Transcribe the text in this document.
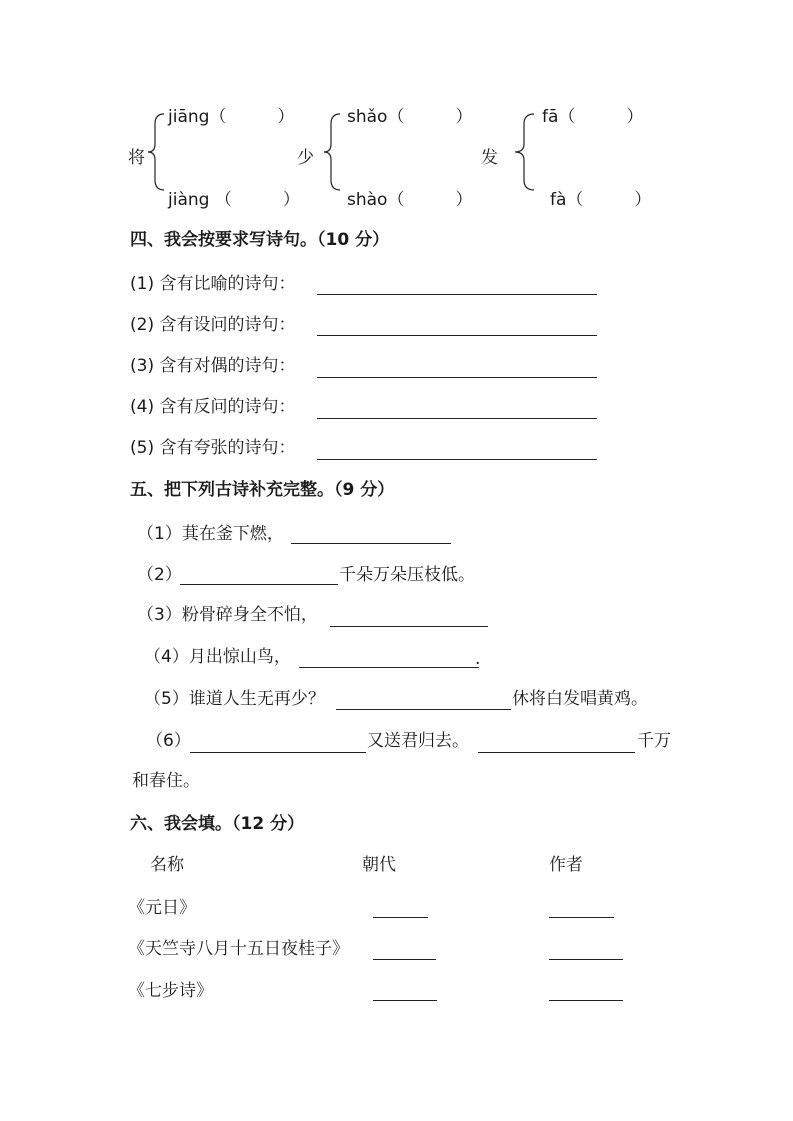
将
jiāng（　　　）
jiàng （　　　）
少
shǎo（　　　）
shào（　　　）
发
fā（　　　）
fà（　　　）
四、我会按要求写诗句。（10 分）
(1) 含有比喻的诗句：
(2) 含有设问的诗句：
(3) 含有对偶的诗句：
(4) 含有反问的诗句：
(5) 含有夸张的诗句：
五、把下列古诗补充完整。（9 分）
（1）萁在釜下燃，
（2）	千朵万朵压枝低。
（3）粉骨碎身全不怕，
（4）月出惊山鸟，	.
（5）谁道人生无再少？	休将白发唱黄鸡。
（6）	又送君归去。	千万
和春住。
六、我会填。（12 分）
名称	朝代	作者
《元日》
《天竺寺八月十五日夜桂子》
《七步诗》
